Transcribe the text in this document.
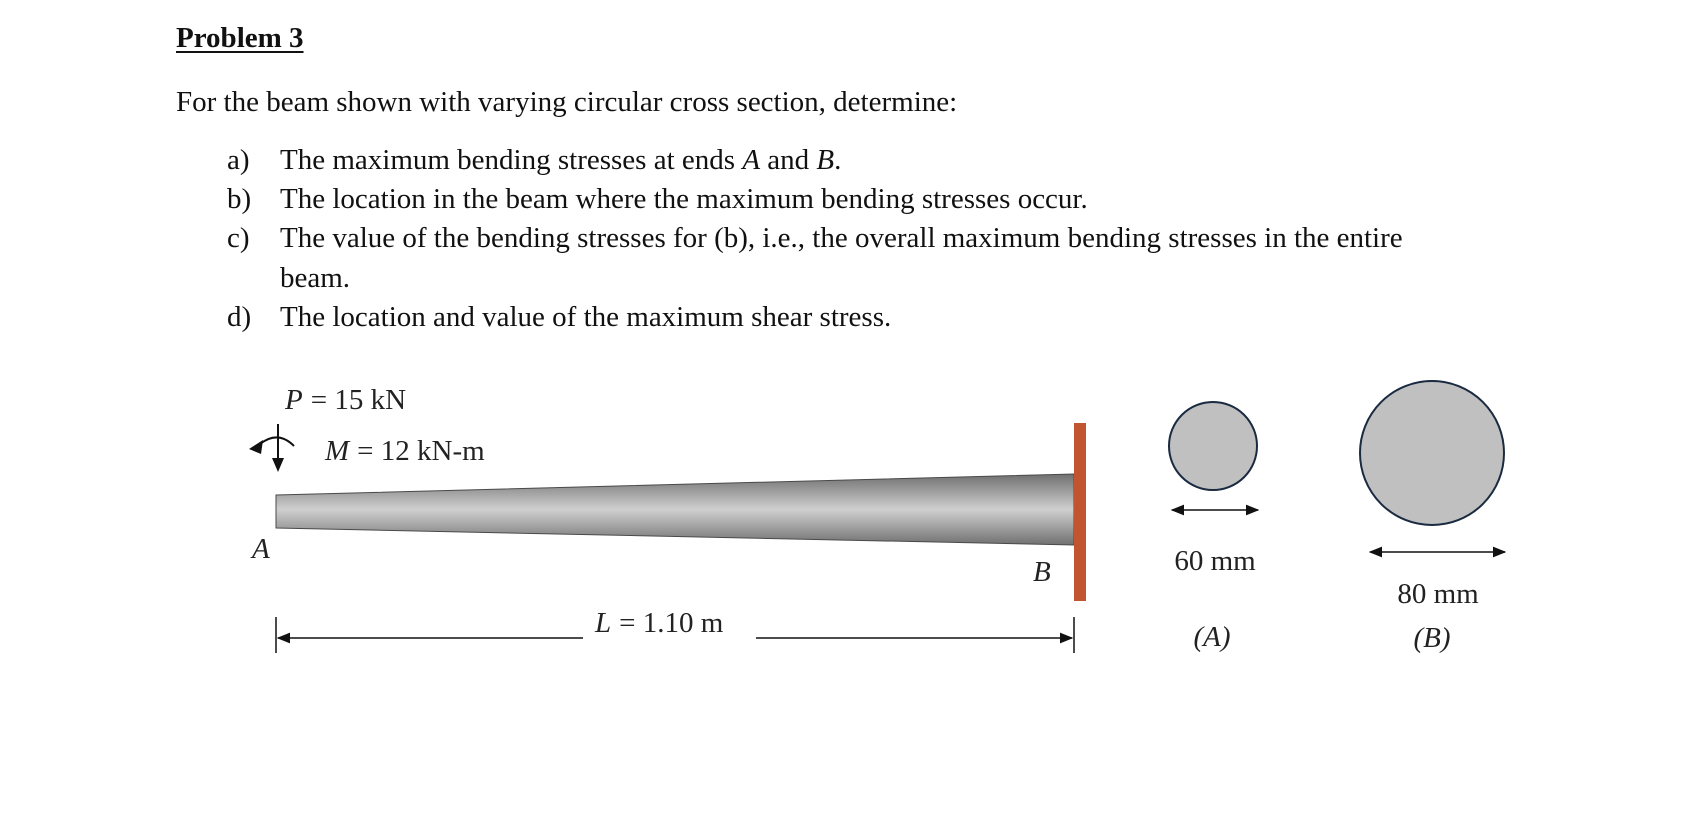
Problem 3
For the beam shown with varying circular cross section, determine:
a) The maximum bending stresses at ends A and B.
b) The location in the beam where the maximum bending stresses occur.
c) The value of the bending stresses for (b), i.e., the overall maximum bending stresses in the entire
beam.
d) The location and value of the maximum shear stress.
P = 15 kN
M = 12 kN-m
A
B
L = 1.10 m
60 mm
(A)
80 mm
(B)
